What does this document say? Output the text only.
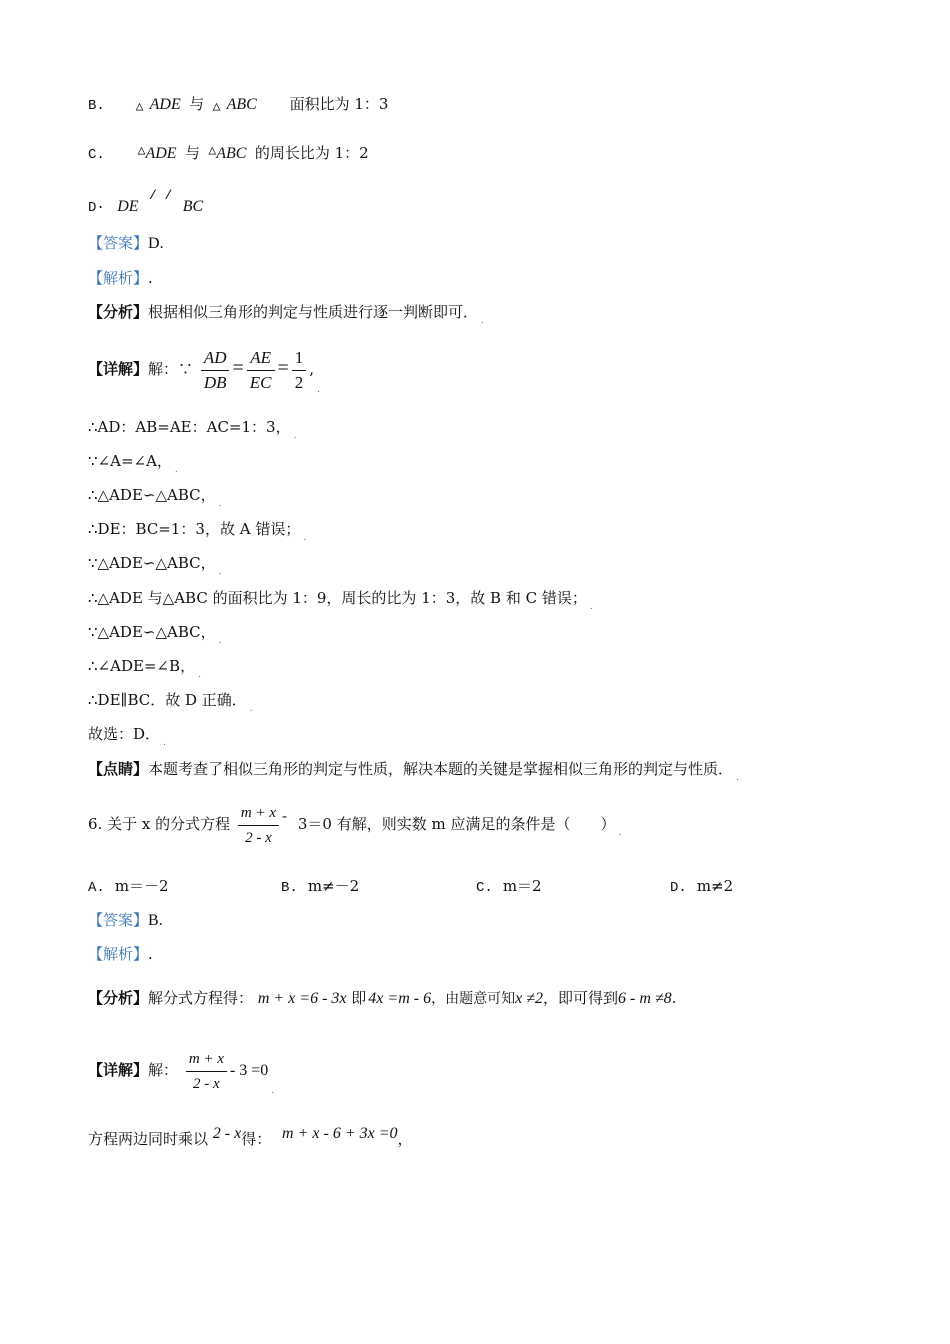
B. △ ADE 与 △ ABC 面积比为 1：3
C.	△ADE 与 △ABC 的周长比为 1：2
D· DE / / BC
【答案】D.
【解析】.
【分析】根据相似三角形的判定与性质进行逐一判断即可． $_.$
【详解】解：∵ $\frac{AD}{DB} = \frac{AE}{EC} = \frac{1}{2} ,_.$
∴AD：AB=AE：AC=1：3， $_.$
∵∠A=∠A， $_.$
∴△ADE∽△ABC， $_.$
∴DE：BC=1：3，故 A 错误； $_.$
∵△ADE∽△ABC， $_.$
∴△ADE 与△ABC 的面积比为 1：9，周长的比为 1：3，故 B 和 C 错误； $_.$
∵△ADE∽△ABC， $_.$
∴∠ADE=∠B， $_.$
∴DE∥BC．故 D 正确． $_.$
故选：D． $_.$
【点睛】本题考查了相似三角形的判定与性质，解决本题的关键是掌握相似三角形的判定与性质． $_.$
6. 关于 x 的分式方程 $\frac{m + x}{2 - x} - 3=0$ 有解，则实数 m 应满足的条件是（　　） $_.$
A. m＝－2	B. m≠－2	C. m＝2	D. m≠2
【答案】B.
【解析】.
【分析】解分式方程得： m + x =6 - 3x 即 4x =m - 6，由题意可知x ≠2，即可得到6 - m ≠8.
【详解】解： $\frac{m + x}{2 - x} - 3 =0_.$
方程两边同时乘以 2 - x得： m + x - 6 + 3x =0，
